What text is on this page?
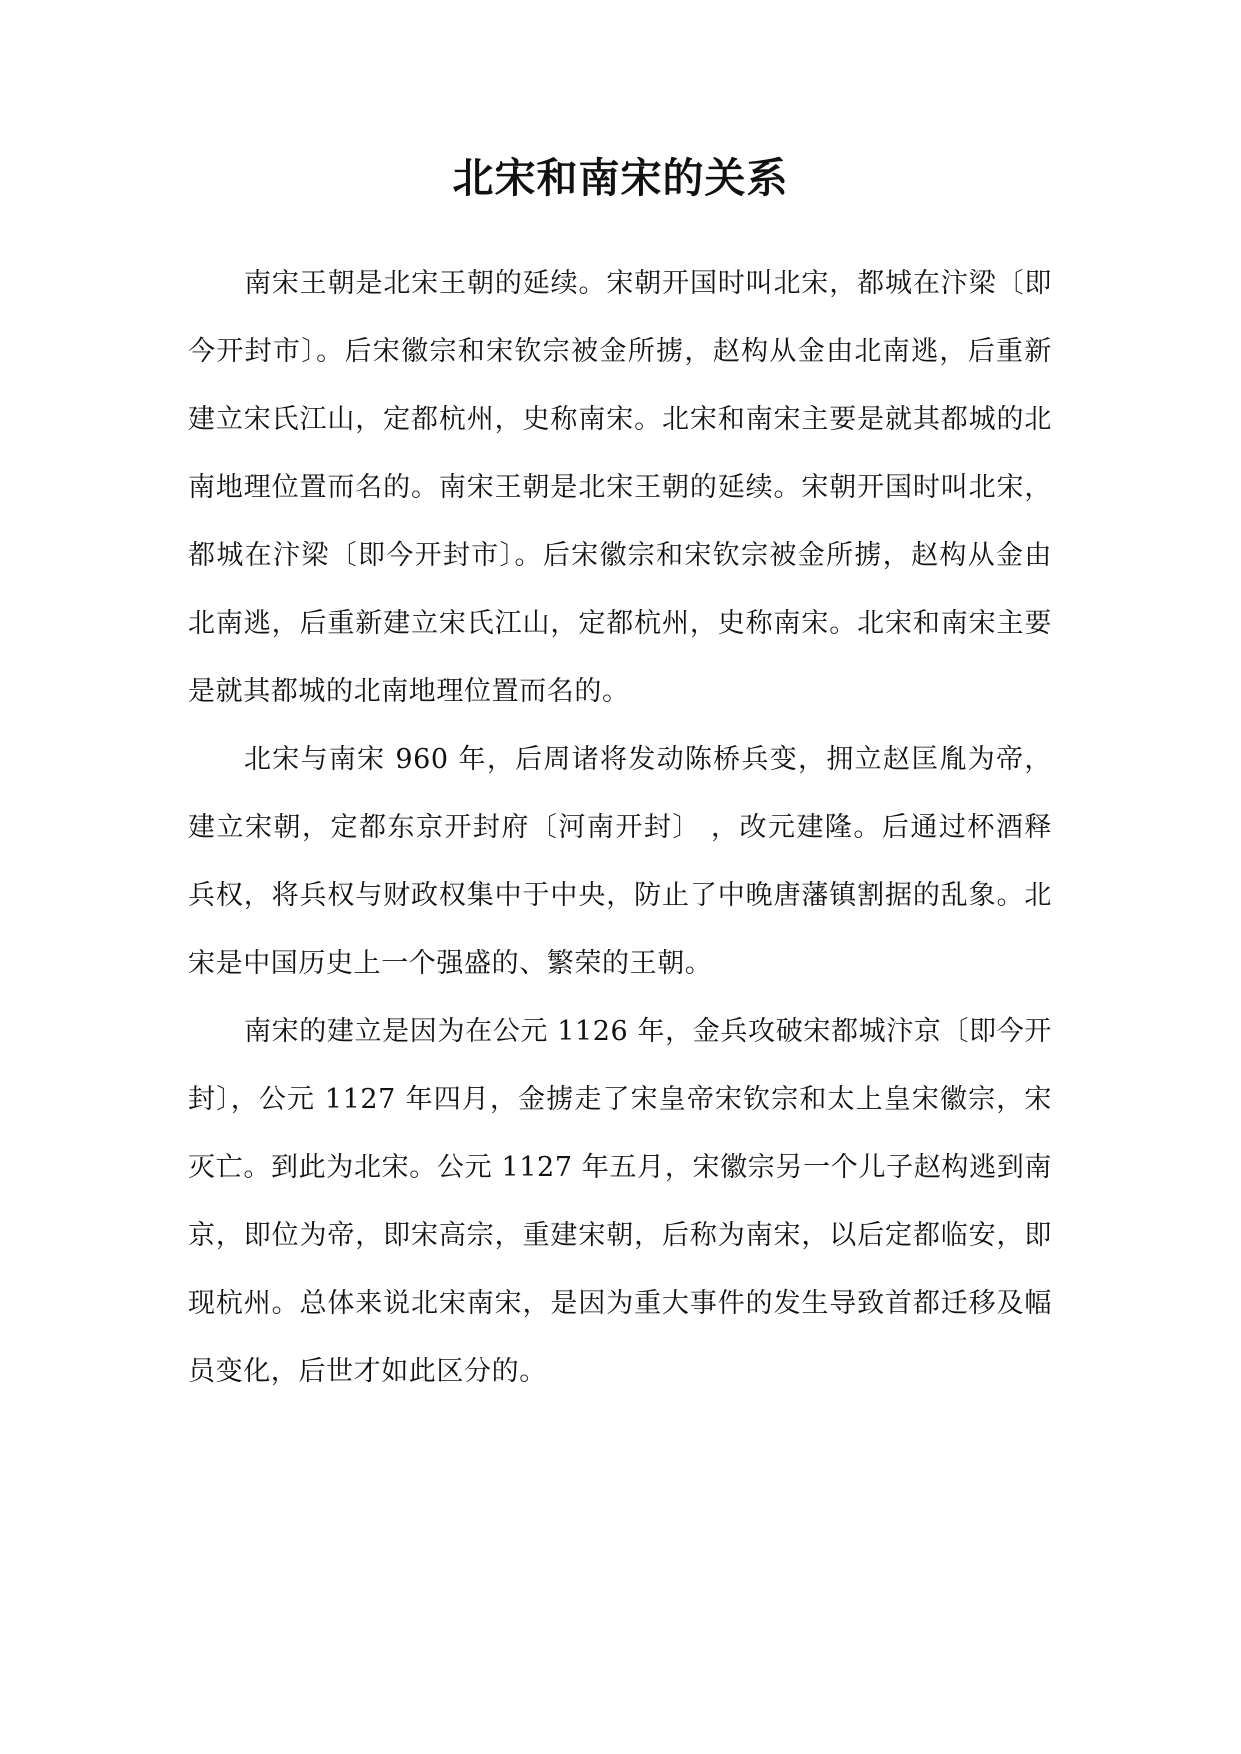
北宋和南宋的关系

南宋王朝是北宋王朝的延续。宋朝开国时叫北宋，都城在汴梁〔即今开封市〕。后宋徽宗和宋钦宗被金所掳，赵构从金由北南逃，后重新建立宋氏江山，定都杭州，史称南宋。北宋和南宋主要是就其都城的北南地理位置而名的。南宋王朝是北宋王朝的延续。宋朝开国时叫北宋，都城在汴梁〔即今开封市〕。后宋徽宗和宋钦宗被金所掳，赵构从金由北南逃，后重新建立宋氏江山，定都杭州，史称南宋。北宋和南宋主要是就其都城的北南地理位置而名的。

北宋与南宋 960 年，后周诸将发动陈桥兵变，拥立赵匡胤为帝，建立宋朝，定都东京开封府〔河南开封〕 ，改元建隆。后通过杯酒释兵权，将兵权与财政权集中于中央，防止了中晚唐藩镇割据的乱象。北宋是中国历史上一个强盛的、繁荣的王朝。

南宋的建立是因为在公元 1126 年，金兵攻破宋都城汴京〔即今开封〕，公元 1127 年四月，金掳走了宋皇帝宋钦宗和太上皇宋徽宗，宋灭亡。到此为北宋。公元 1127 年五月，宋徽宗另一个儿子赵构逃到南京，即位为帝，即宋高宗，重建宋朝，后称为南宋，以后定都临安，即现杭州。总体来说北宋南宋，是因为重大事件的发生导致首都迁移及幅员变化，后世才如此区分的。
